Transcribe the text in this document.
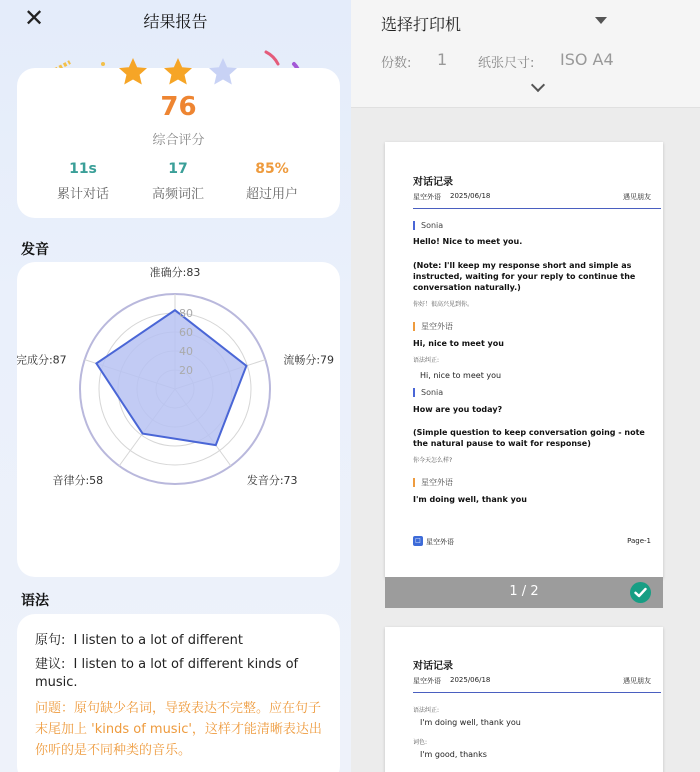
✕	结果报告
76
综合评分
11s
累计对话
17
高频词汇
85%
超过用户
发音
20
40
60
80
准确分:83
流畅分:79
发音分:73
音律分:58
完成分:87
语法
原句: I listen to a lot of different
建议: I listen to a lot of different kinds of music.
问题：原句缺少名词，导致表达不完整。应在句子末尾加上 'kinds of music'，这样才能清晰表达出你听的是不同种类的音乐。
选择打印机
份数: 1 纸张尺寸: ISO A4
对话记录
星空外语 2025/06/18	遇见朋友
Sonia
Hello! Nice to meet you.
(Note: I'll keep my response short and simple as instructed, waiting for your reply to continue the conversation naturally.)
你好！很高兴见到你。
星空外语
Hi, nice to meet you
语法纠正:
Hi, nice to meet you
Sonia
How are you today?
(Simple question to keep conversation going - note the natural pause to wait for response)
你今天怎么样?
星空外语
I'm doing well, thank you
□ 星空外语	Page-1
1 / 2
对话记录
星空外语 2025/06/18	遇见朋友
语法纠正:
I'm doing well, thank you
词色:
I'm good, thanks
